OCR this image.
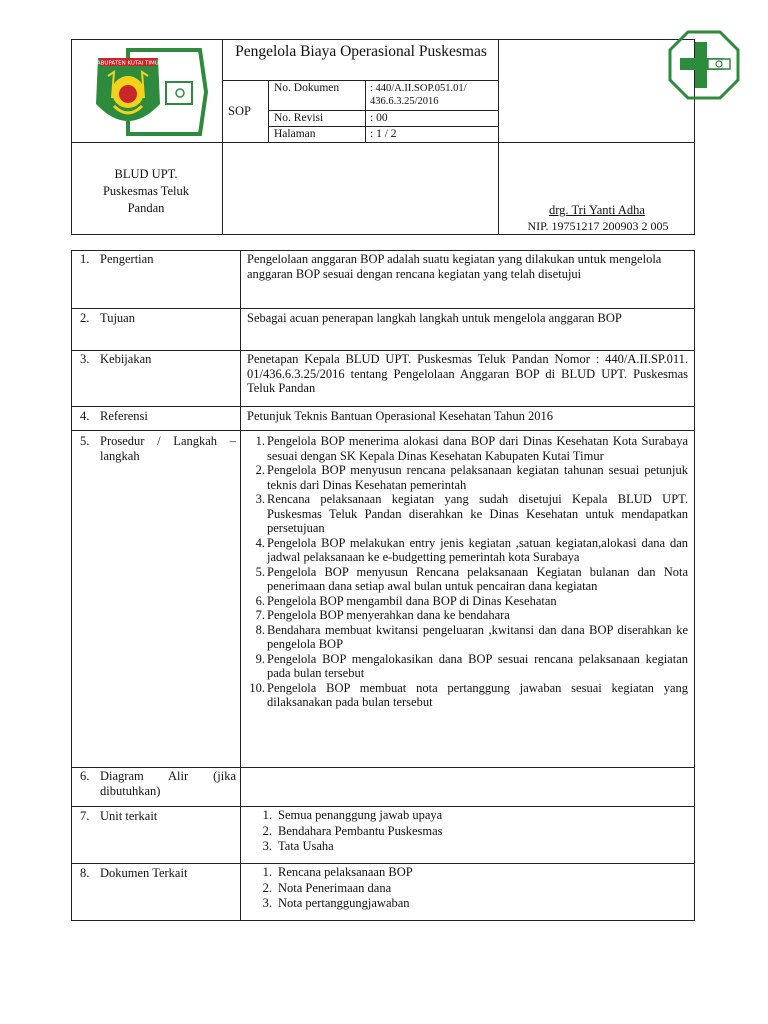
KABUPATEN KUTAI TIMUR
Pengelola Biaya Operasional Puskesmas
SOP
No. Dokumen	: 440/A.II.SOP.051.01/ 436.6.3.25/2016
No. Revisi	: 00
Halaman	: 1 / 2
BLUD UPT. Puskesmas Teluk Pandan	drg. Tri Yanti Adha
NIP. 19751217 200903 2 005
1. Pengertian	Pengelolaan anggaran BOP adalah suatu kegiatan yang dilakukan untuk mengelola anggaran BOP sesuai dengan rencana kegiatan yang telah disetujui
2. Tujuan	Sebagai acuan penerapan langkah langkah untuk mengelola anggaran BOP
3. Kebijakan	Penetapan Kepala BLUD UPT. Puskesmas Teluk Pandan Nomor : 440/A.II.SP.011. 01/436.6.3.25/2016 tentang Pengelolaan Anggaran BOP di BLUD UPT. Puskesmas Teluk Pandan
4. Referensi	Petunjuk Teknis Bantuan Operasional Kesehatan Tahun 2016
5. Prosedur / Langkah – langkah
1. Pengelola BOP menerima alokasi dana BOP dari Dinas Kesehatan Kota Surabaya sesuai dengan SK Kepala Dinas Kesehatan Kabupaten Kutai Timur
2. Pengelola BOP menyusun rencana pelaksanaan kegiatan tahunan sesuai petunjuk teknis dari Dinas Kesehatan pemerintah
3. Rencana pelaksanaan kegiatan yang sudah disetujui Kepala BLUD UPT. Puskesmas Teluk Pandan diserahkan ke Dinas Kesehatan untuk mendapatkan persetujuan
4. Pengelola BOP melakukan entry jenis kegiatan ,satuan kegiatan,alokasi dana dan jadwal pelaksanaan ke e-budgetting pemerintah kota Surabaya
5. Pengelola BOP menyusun Rencana pelaksanaan Kegiatan bulanan dan Nota penerimaan dana setiap awal bulan untuk pencairan dana kegiatan
6. Pengelola BOP mengambil dana BOP di Dinas Kesehatan
7. Pengelola BOP menyerahkan dana ke bendahara
8. Bendahara membuat kwitansi pengeluaran ,kwitansi dan dana BOP diserahkan ke pengelola BOP
9. Pengelola BOP mengalokasikan dana BOP sesuai rencana pelaksanaan kegiatan pada bulan tersebut
10. Pengelola BOP membuat nota pertanggung jawaban sesuai kegiatan yang dilaksanakan pada bulan tersebut
6. Diagram Alir (jika dibutuhkan)
7. Unit terkait	1. Semua penanggung jawab upaya
2. Bendahara Pembantu Puskesmas
3. Tata Usaha
8. Dokumen Terkait	1. Rencana pelaksanaan BOP
2. Nota Penerimaan dana
3. Nota pertanggungjawaban
